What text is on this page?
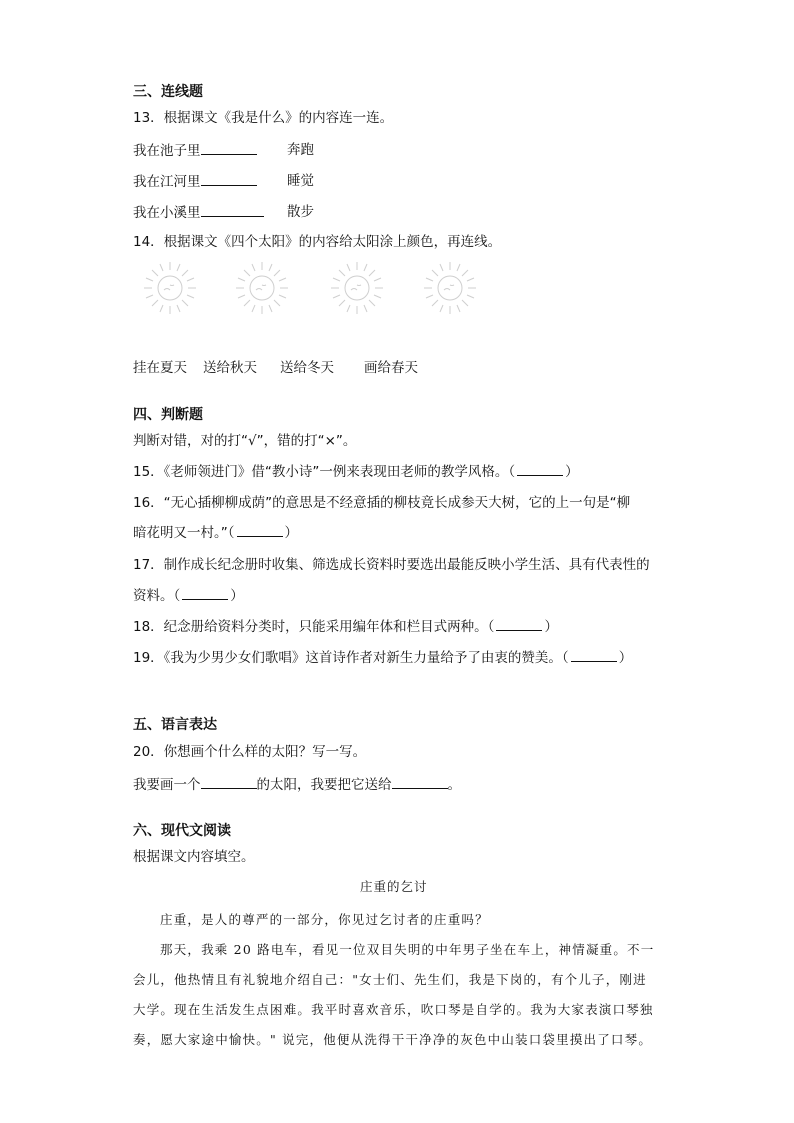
三、连线题
13．根据课文《我是什么》的内容连一连。
我在池子里	奔跑
我在江河里	睡觉
我在小溪里	散步
14．根据课文《四个太阳》的内容给太阳涂上颜色，再连线。
挂在夏天 送给秋天 送给冬天 画给春天
四、判断题
判断对错，对的打“√”，错的打“×”。
15．《老师领进门》借“教小诗”一例来表现田老师的教学风格。（	）
16．“无心插柳柳成荫”的意思是不经意插的柳枝竟长成参天大树，它的上一句是“柳
暗花明又一村。”（	）
17．制作成长纪念册时收集、筛选成长资料时要选出最能反映小学生活、具有代表性的
资料。（	）
18．纪念册给资料分类时，只能采用编年体和栏目式两种。（	）
19．《我为少男少女们歌唱》这首诗作者对新生力量给予了由衷的赞美。（	）
五、语言表达
20．你想画个什么样的太阳？写一写。
我要画一个	的太阳，我要把它送给	。
六、现代文阅读
根据课文内容填空。
庄重的乞讨
庄重，是人的尊严的一部分，你见过乞讨者的庄重吗？
那天，我乘 20 路电车，看见一位双目失明的中年男子坐在车上，神情凝重。不一
会儿，他热情且有礼貌地介绍自己："女士们、先生们，我是下岗的，有个儿子，刚进
大学。现在生活发生点困难。我平时喜欢音乐，吹口琴是自学的。我为大家表演口琴独
奏，愿大家途中愉快。" 说完，他便从洗得干干净净的灰色中山装口袋里摸出了口琴。
